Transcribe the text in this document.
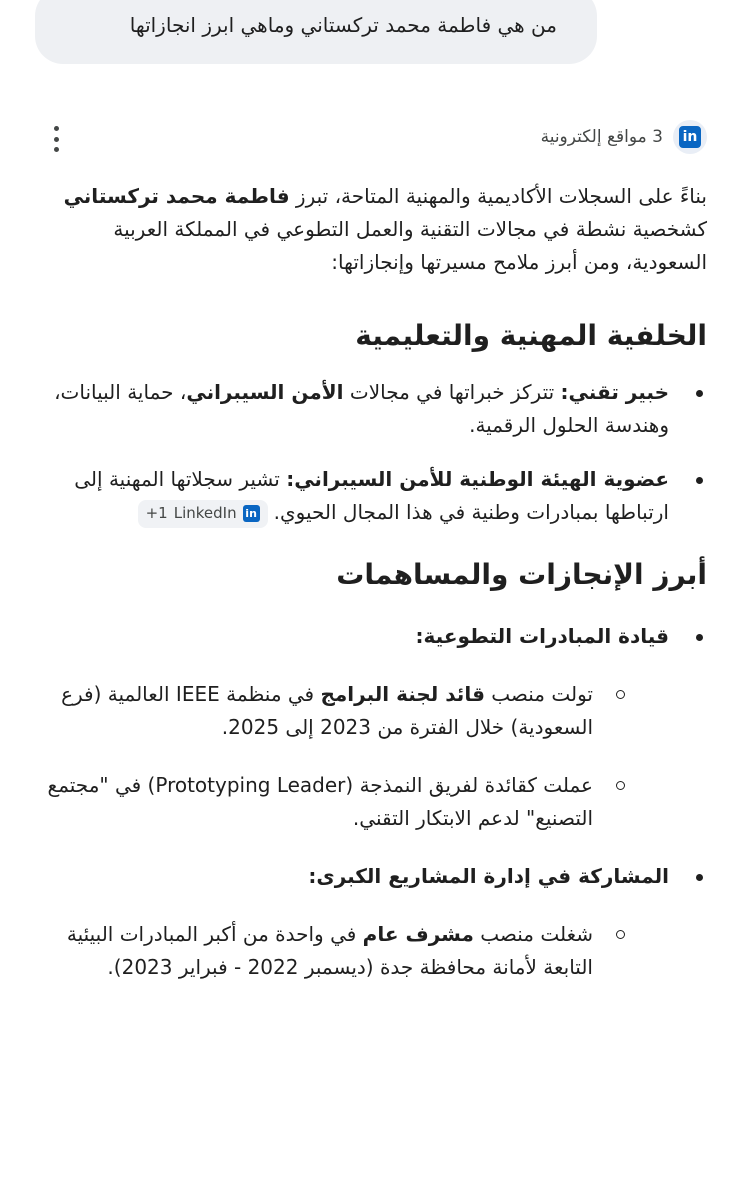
من هي فاطمة محمد تركستاني وماهي ابرز انجازاتها
in
3 مواقع إلكترونية

بناءً على السجلات الأكاديمية والمهنية المتاحة، تبرز فاطمة محمد تركستاني كشخصية نشطة في مجالات التقنية والعمل التطوعي في المملكة العربية السعودية، ومن أبرز ملامح مسيرتها وإنجازاتها:

الخلفية المهنية والتعليمية
خبير تقني: تتركز خبراتها في مجالات الأمن السيبراني، حماية البيانات، وهندسة الحلول الرقمية.
عضوية الهيئة الوطنية للأمن السيبراني: تشير سجلاتها المهنية إلى ارتباطها بمبادرات وطنية في هذا المجال الحيوي.
in
LinkedIn
+1
أبرز الإنجازات والمساهمات
قيادة المبادرات التطوعية:
تولت منصب قائد لجنة البرامج في منظمة IEEE العالمية (فرع السعودية) خلال الفترة من 2023 إلى 2025.
عملت كقائدة لفريق النمذجة (Prototyping Leader) في "مجتمع التصنيع" لدعم الابتكار التقني.
المشاركة في إدارة المشاريع الكبرى:
شغلت منصب مشرف عام في واحدة من أكبر المبادرات البيئية التابعة لأمانة محافظة جدة (ديسمبر 2022 - فبراير 2023).
